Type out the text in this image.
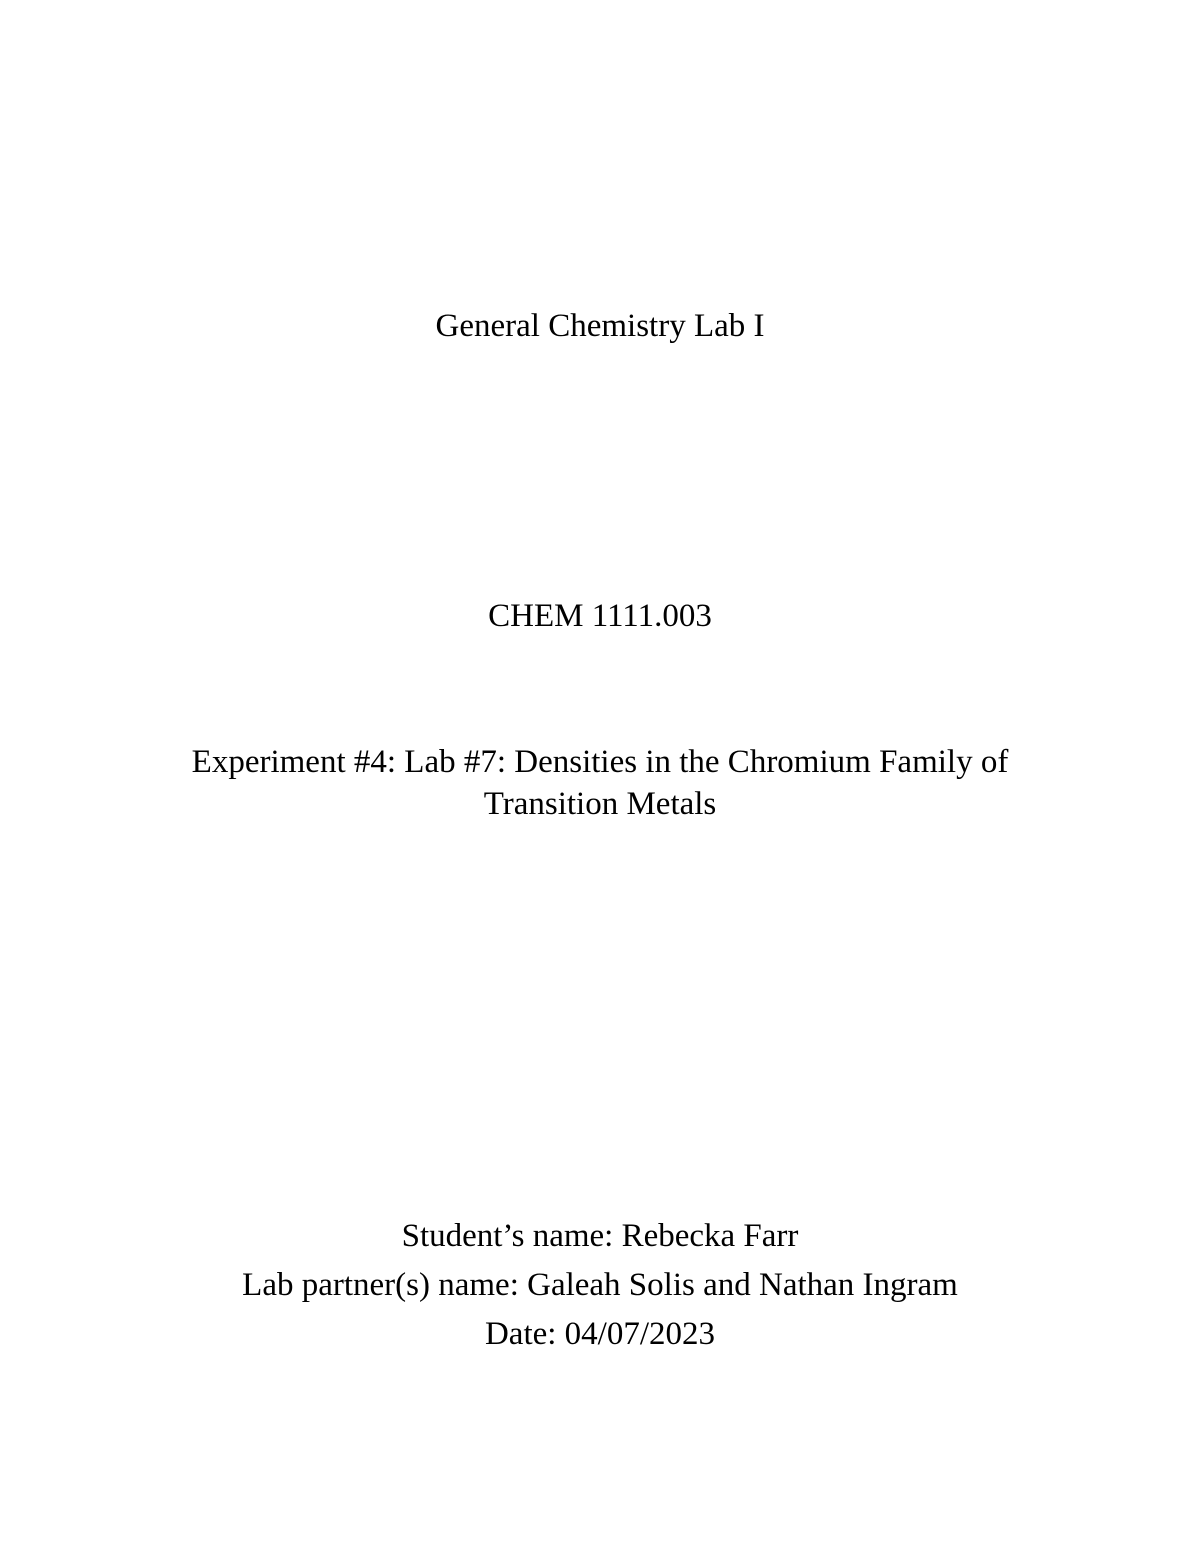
General Chemistry Lab I
CHEM 1111.003
Experiment #4: Lab #7: Densities in the Chromium Family of
Transition Metals
Student’s name: Rebecka Farr
Lab partner(s) name: Galeah Solis and Nathan Ingram
Date: 04/07/2023
